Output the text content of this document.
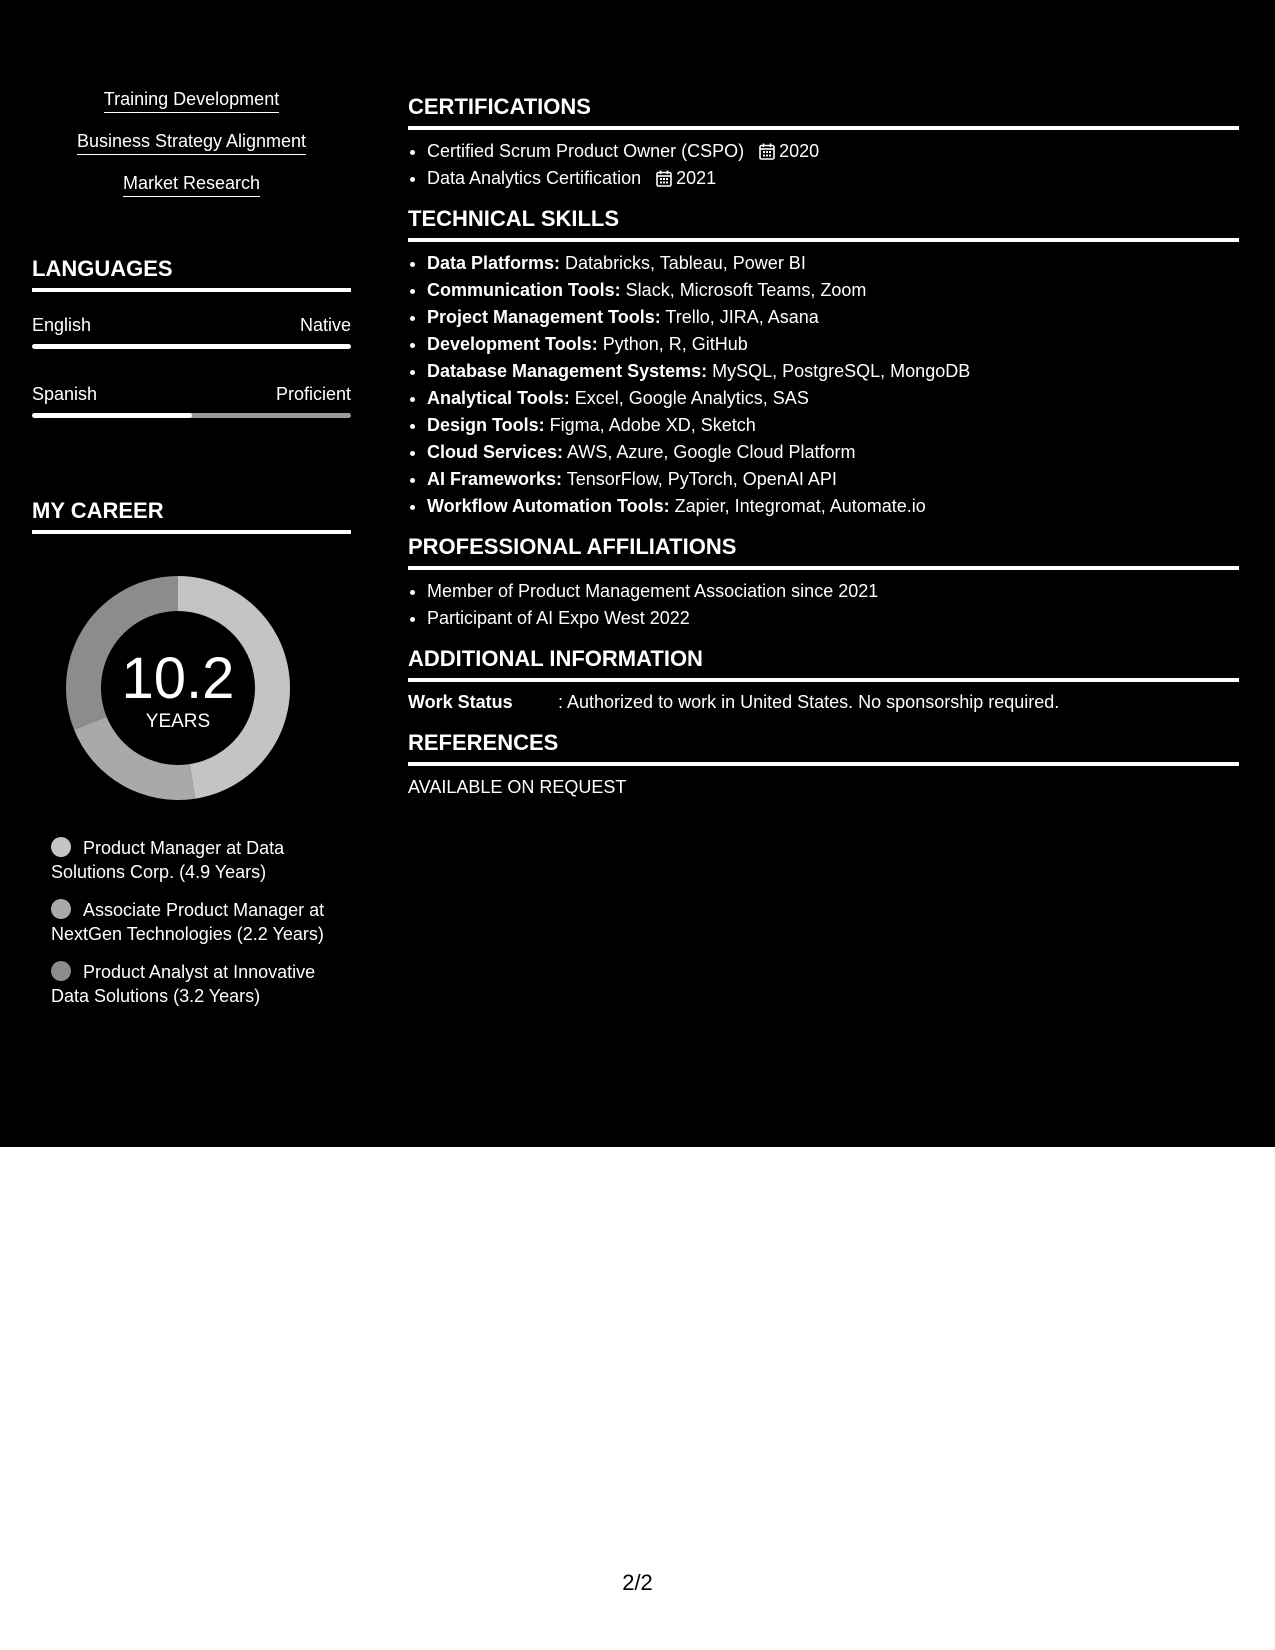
Training Development
Business Strategy Alignment
Market Research
LANGUAGES
English	Native
Spanish	Proficient
MY CAREER
10.2
YEARS
Product Manager at Data Solutions Corp. (4.9 Years)
Associate Product Manager at NextGen Technologies (2.2 Years)
Product Analyst at Innovative Data Solutions (3.2 Years)
CERTIFICATIONS
• Certified Scrum Product Owner (CSPO) 2020
• Data Analytics Certification 2021
TECHNICAL SKILLS
• Data Platforms: Databricks, Tableau, Power BI
• Communication Tools: Slack, Microsoft Teams, Zoom
• Project Management Tools: Trello, JIRA, Asana
• Development Tools: Python, R, GitHub
• Database Management Systems: MySQL, PostgreSQL, MongoDB
• Analytical Tools: Excel, Google Analytics, SAS
• Design Tools: Figma, Adobe XD, Sketch
• Cloud Services: AWS, Azure, Google Cloud Platform
• AI Frameworks: TensorFlow, PyTorch, OpenAI API
• Workflow Automation Tools: Zapier, Integromat, Automate.io
PROFESSIONAL AFFILIATIONS
• Member of Product Management Association since 2021
• Participant of AI Expo West 2022
ADDITIONAL INFORMATION
Work Status	: Authorized to work in United States. No sponsorship required.
REFERENCES

AVAILABLE ON REQUEST

2/2
